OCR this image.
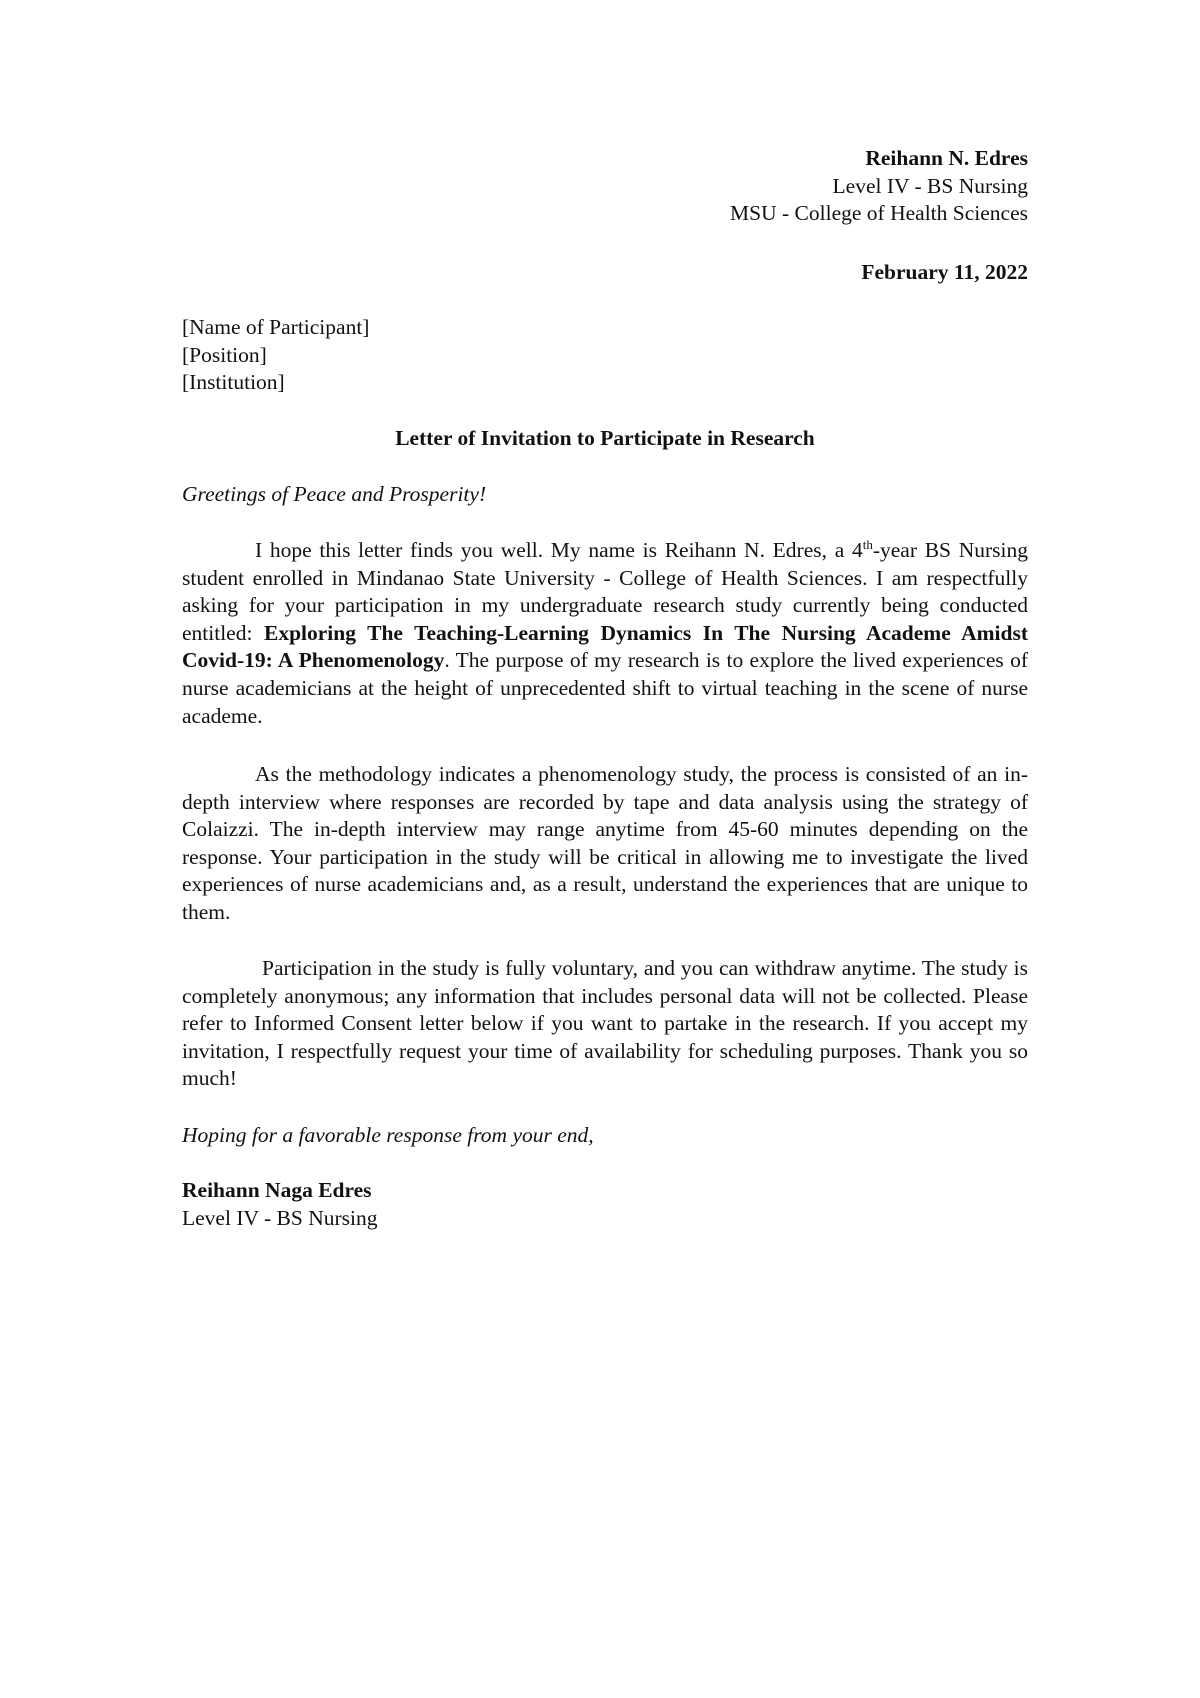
Reihann N. Edres
Level IV - BS Nursing
MSU - College of Health Sciences
February 11, 2022
[Name of Participant]
[Position]
[Institution]
Letter of Invitation to Participate in Research
Greetings of Peace and Prosperity!

I hope this letter finds you well. My name is Reihann N. Edres, a 4th-year BS Nursing student enrolled in Mindanao State University - College of Health Sciences. I am respectfully asking for your participation in my undergraduate research study currently being conducted entitled: Exploring The Teaching-Learning Dynamics In The Nursing Academe Amidst Covid-19: A Phenomenology. The purpose of my research is to explore the lived experiences of nurse academicians at the height of unprecedented shift to virtual teaching in the scene of nurse academe.

As the methodology indicates a phenomenology study, the process is consisted of an in-depth interview where responses are recorded by tape and data analysis using the strategy of Colaizzi. The in-depth interview may range anytime from 45-60 minutes depending on the response. Your participation in the study will be critical in allowing me to investigate the lived experiences of nurse academicians and, as a result, understand the experiences that are unique to them.

Participation in the study is fully voluntary, and you can withdraw anytime. The study is completely anonymous; any information that includes personal data will not be collected. Please refer to Informed Consent letter below if you want to partake in the research. If you accept my invitation, I respectfully request your time of availability for scheduling purposes. Thank you so much!

Hoping for a favorable response from your end,
Reihann Naga Edres
Level IV - BS Nursing
